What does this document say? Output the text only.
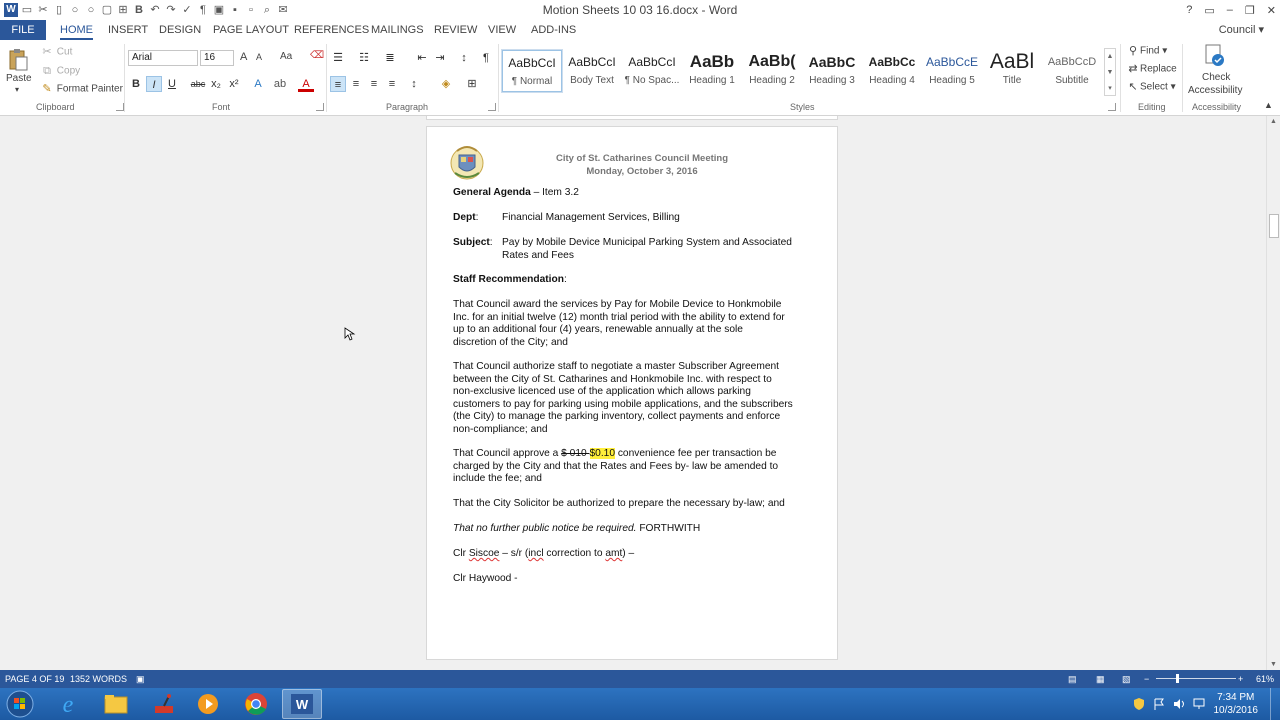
W ▭ ✂ ▯ ○ ○ ▢ ⊞ B ↶ ↷ ✓ ¶ ▣ ▪	▫ ⌕ ✉	Motion Sheets 10 03 16.docx - Word	? ▭ – ❐ ✕
FILE	HOME INSERT DESIGN PAGE LAYOUT REFERENCES MAILINGS REVIEW VIEW ADD-INS	Council ▾
Paste
▾
✂ Cut
⧉ Copy
✎ Format Painter
Clipboard
Arial	16	A A Aa ⌫
B	I	U	abc x₂ x²	A	ab	A
Font
☰ ☷	≣	⇤ ⇥	↕	¶
≡	≡	≡	≡	↕	◈	⊞
Paragraph
AaBbCcI
¶ Normal
AaBbCcI
Body Text
AaBbCcI
¶ No Spac...
AaBb
Heading 1
AaBb(
Heading 2
AaBbC
Heading 3
AaBbCc
Heading 4
AaBbCcE
Heading 5
AaBl
Title
AaBbCcD
Subtitle
▲
▼
▾
Styles
⚲ Find ▾
⇄ Replace
↖ Select ▾
Editing
Check
Accessibility
Accessibility	▲
City of St. Catharines Council Meeting
Monday, October 3, 2016
General Agenda – Item 3.2
Dept: Financial Management Services, Billing
Subject: Pay by Mobile Device Municipal Parking System and Associated
Rates and Fees
Staff Recommendation:
That Council award the services by Pay for Mobile Device to Honkmobile
Inc. for an initial twelve (12) month trial period with the ability to extend for
up to an additional four (4) years, renewable annually at the sole
discretion of the City; and
That Council authorize staff to negotiate a master Subscriber Agreement
between the City of St. Catharines and Honkmobile Inc. with respect to
non-exclusive licenced use of the application which allows parking
customers to pay for parking using mobile applications, and the subscribers
(the City) to manage the parking inventory, collect payments and enforce
non-compliance; and
That Council approve a $ 010 $0.10 convenience fee per transaction be
charged by the City and that the Rates and Fees by- law be amended to
include the fee; and
That the City Solicitor be authorized to prepare the necessary by-law; and
That no further public notice be required. FORTHWITH
Clr Siscoe – s/r (incl correction to amt) –
Clr Haywood -
▲
▼
PAGE 4 OF 19 1352 WORDS ▣	▤ ▦ ▧ −	+ 61%
e	W	7:34 PM
10/3/2016
